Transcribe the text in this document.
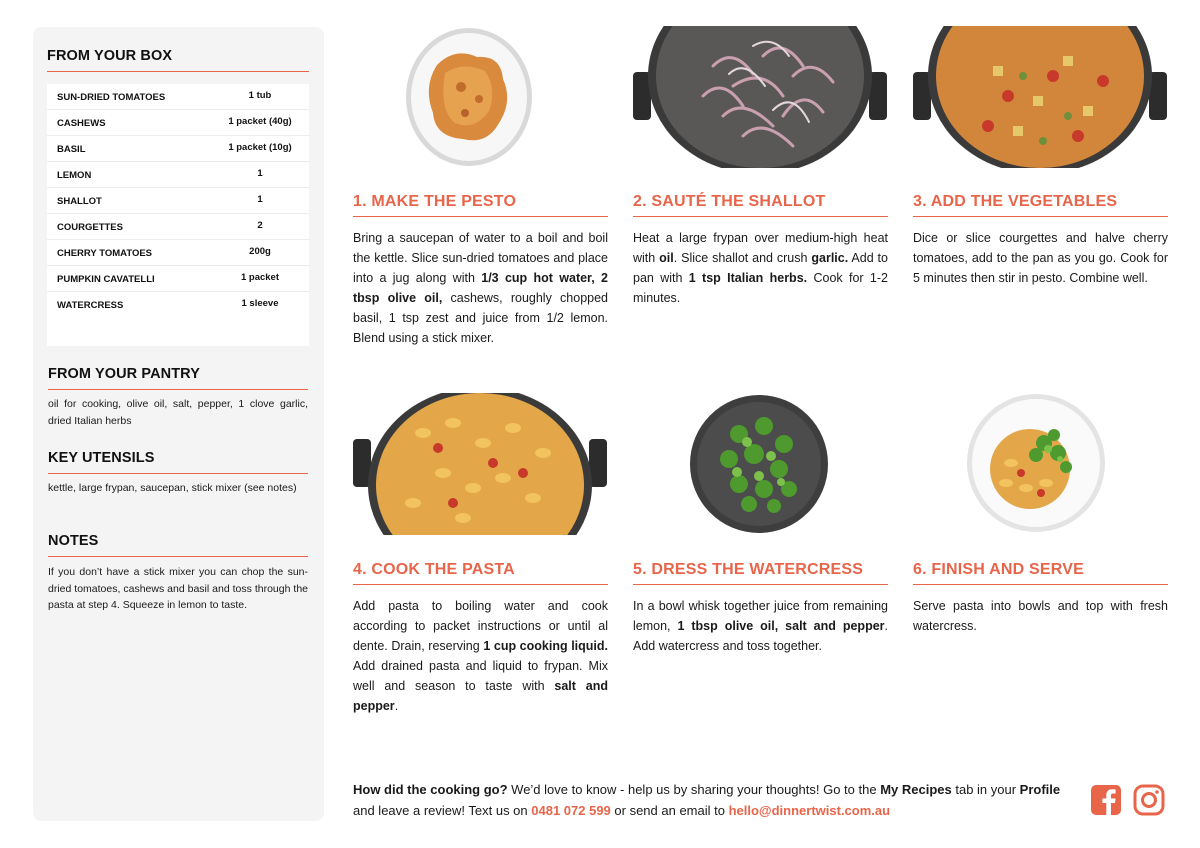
FROM YOUR BOX
SUN-DRIED TOMATOES	1 tub
CASHEWS	1 packet (40g)
BASIL	1 packet (10g)
LEMON	1
SHALLOT	1
COURGETTES	2
CHERRY TOMATOES	200g
PUMPKIN CAVATELLI	1 packet
WATERCRESS	1 sleeve
FROM YOUR PANTRY
oil for cooking, olive oil, salt, pepper, 1 clove garlic, dried Italian herbs
KEY UTENSILS
kettle, large frypan, saucepan, stick mixer (see notes)
NOTES
If you don’t have a stick mixer you can chop the sun-dried tomatoes, cashews and basil and toss through the pasta at step 4. Squeeze in lemon to taste.
1. MAKE THE PESTO
Bring a saucepan of water to a boil and boil the kettle. Slice sun-dried tomatoes and place into a jug along with 1/3 cup hot water, 2 tbsp olive oil, cashews, roughly chopped basil, 1 tsp zest and juice from 1/2 lemon. Blend using a stick mixer.
2. SAUTÉ THE SHALLOT
Heat a large frypan over medium-high heat with oil. Slice shallot and crush garlic. Add to pan with 1 tsp Italian herbs. Cook for 1-2 minutes.
3. ADD THE VEGETABLES
Dice or slice courgettes and halve cherry tomatoes, add to the pan as you go. Cook for 5 minutes then stir in pesto. Combine well.
4. COOK THE PASTA
Add pasta to boiling water and cook according to packet instructions or until al dente. Drain, reserving 1 cup cooking liquid. Add drained pasta and liquid to frypan. Mix well and season to taste with salt and pepper.
5. DRESS THE WATERCRESS
In a bowl whisk together juice from remaining lemon, 1 tbsp olive oil, salt and pepper. Add watercress and toss together.
6. FINISH AND SERVE
Serve pasta into bowls and top with fresh watercress.
How did the cooking go? We’d love to know - help us by sharing your thoughts! Go to the My Recipes tab in your Profile and leave a review! Text us on 0481 072 599 or send an email to hello@dinnertwist.com.au
